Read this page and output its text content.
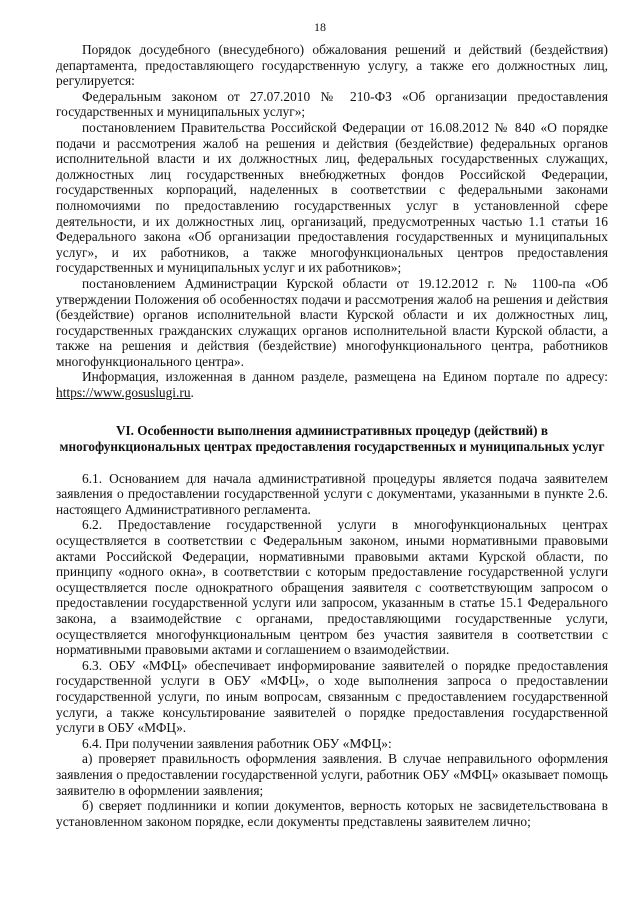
18

Порядок досудебного (внесудебного) обжалования решений и действий (бездействия) департамента, предоставляющего государственную услугу, а также его должностных лиц, регулируется:

Федеральным законом от 27.07.2010 № 210-ФЗ «Об организации предоставления государственных и муниципальных услуг»;

постановлением Правительства Российской Федерации от 16.08.2012 № 840 «О порядке подачи и рассмотрения жалоб на решения и действия (бездействие) федеральных органов исполнительной власти и их должностных лиц, федеральных государственных служащих, должностных лиц государственных внебюджетных фондов Российской Федерации, государственных корпораций, наделенных в соответствии с федеральными законами полномочиями по предоставлению государственных услуг в установленной сфере деятельности, и их должностных лиц, организаций, предусмотренных частью 1.1 статьи 16 Федерального закона «Об организации предоставления государственных и муниципальных услуг», и их работников, а также многофункциональных центров предоставления государственных и муниципальных услуг и их работников»;

постановлением Администрации Курской области от 19.12.2012 г. № 1100-па «Об утверждении Положения об особенностях подачи и рассмотрения жалоб на решения и действия (бездействие) органов исполнительной власти Курской области и их должностных лиц, государственных гражданских служащих органов исполнительной власти Курской области, а также на решения и действия (бездействие) многофункционального центра, работников многофункционального центра».

Информация, изложенная в данном разделе, размещена на Едином портале по адресу: https://www.gosuslugi.ru.

VI. Особенности выполнения административных процедур (действий) в
многофункциональных центрах предоставления государственных и муниципальных услуг

6.1. Основанием для начала административной процедуры является подача заявителем заявления о предоставлении государственной услуги с документами, указанными в пункте 2.6. настоящего Административного регламента.

6.2. Предоставление государственной услуги в многофункциональных центрах осуществляется в соответствии с Федеральным законом, иными нормативными правовыми актами Российской Федерации, нормативными правовыми актами Курской области, по принципу «одного окна», в соответствии с которым предоставление государственной услуги осуществляется после однократного обращения заявителя с соответствующим запросом о предоставлении государственной услуги или запросом, указанным в статье 15.1 Федерального закона, а взаимодействие с органами, предоставляющими государственные услуги, осуществляется многофункциональным центром без участия заявителя в соответствии с нормативными правовыми актами и соглашением о взаимодействии.

6.3. ОБУ «МФЦ» обеспечивает информирование заявителей о порядке предоставления государственной услуги в ОБУ «МФЦ», о ходе выполнения запроса о предоставлении государственной услуги, по иным вопросам, связанным с предоставлением государственной услуги, а также консультирование заявителей о порядке предоставления государственной услуги в ОБУ «МФЦ».

6.4. При получении заявления работник ОБУ «МФЦ»:

а) проверяет правильность оформления заявления. В случае неправильного оформления заявления о предоставлении государственной услуги, работник ОБУ «МФЦ» оказывает помощь заявителю в оформлении заявления;

б) сверяет подлинники и копии документов, верность которых не засвидетельствована в установленном законом порядке, если документы представлены заявителем лично;
